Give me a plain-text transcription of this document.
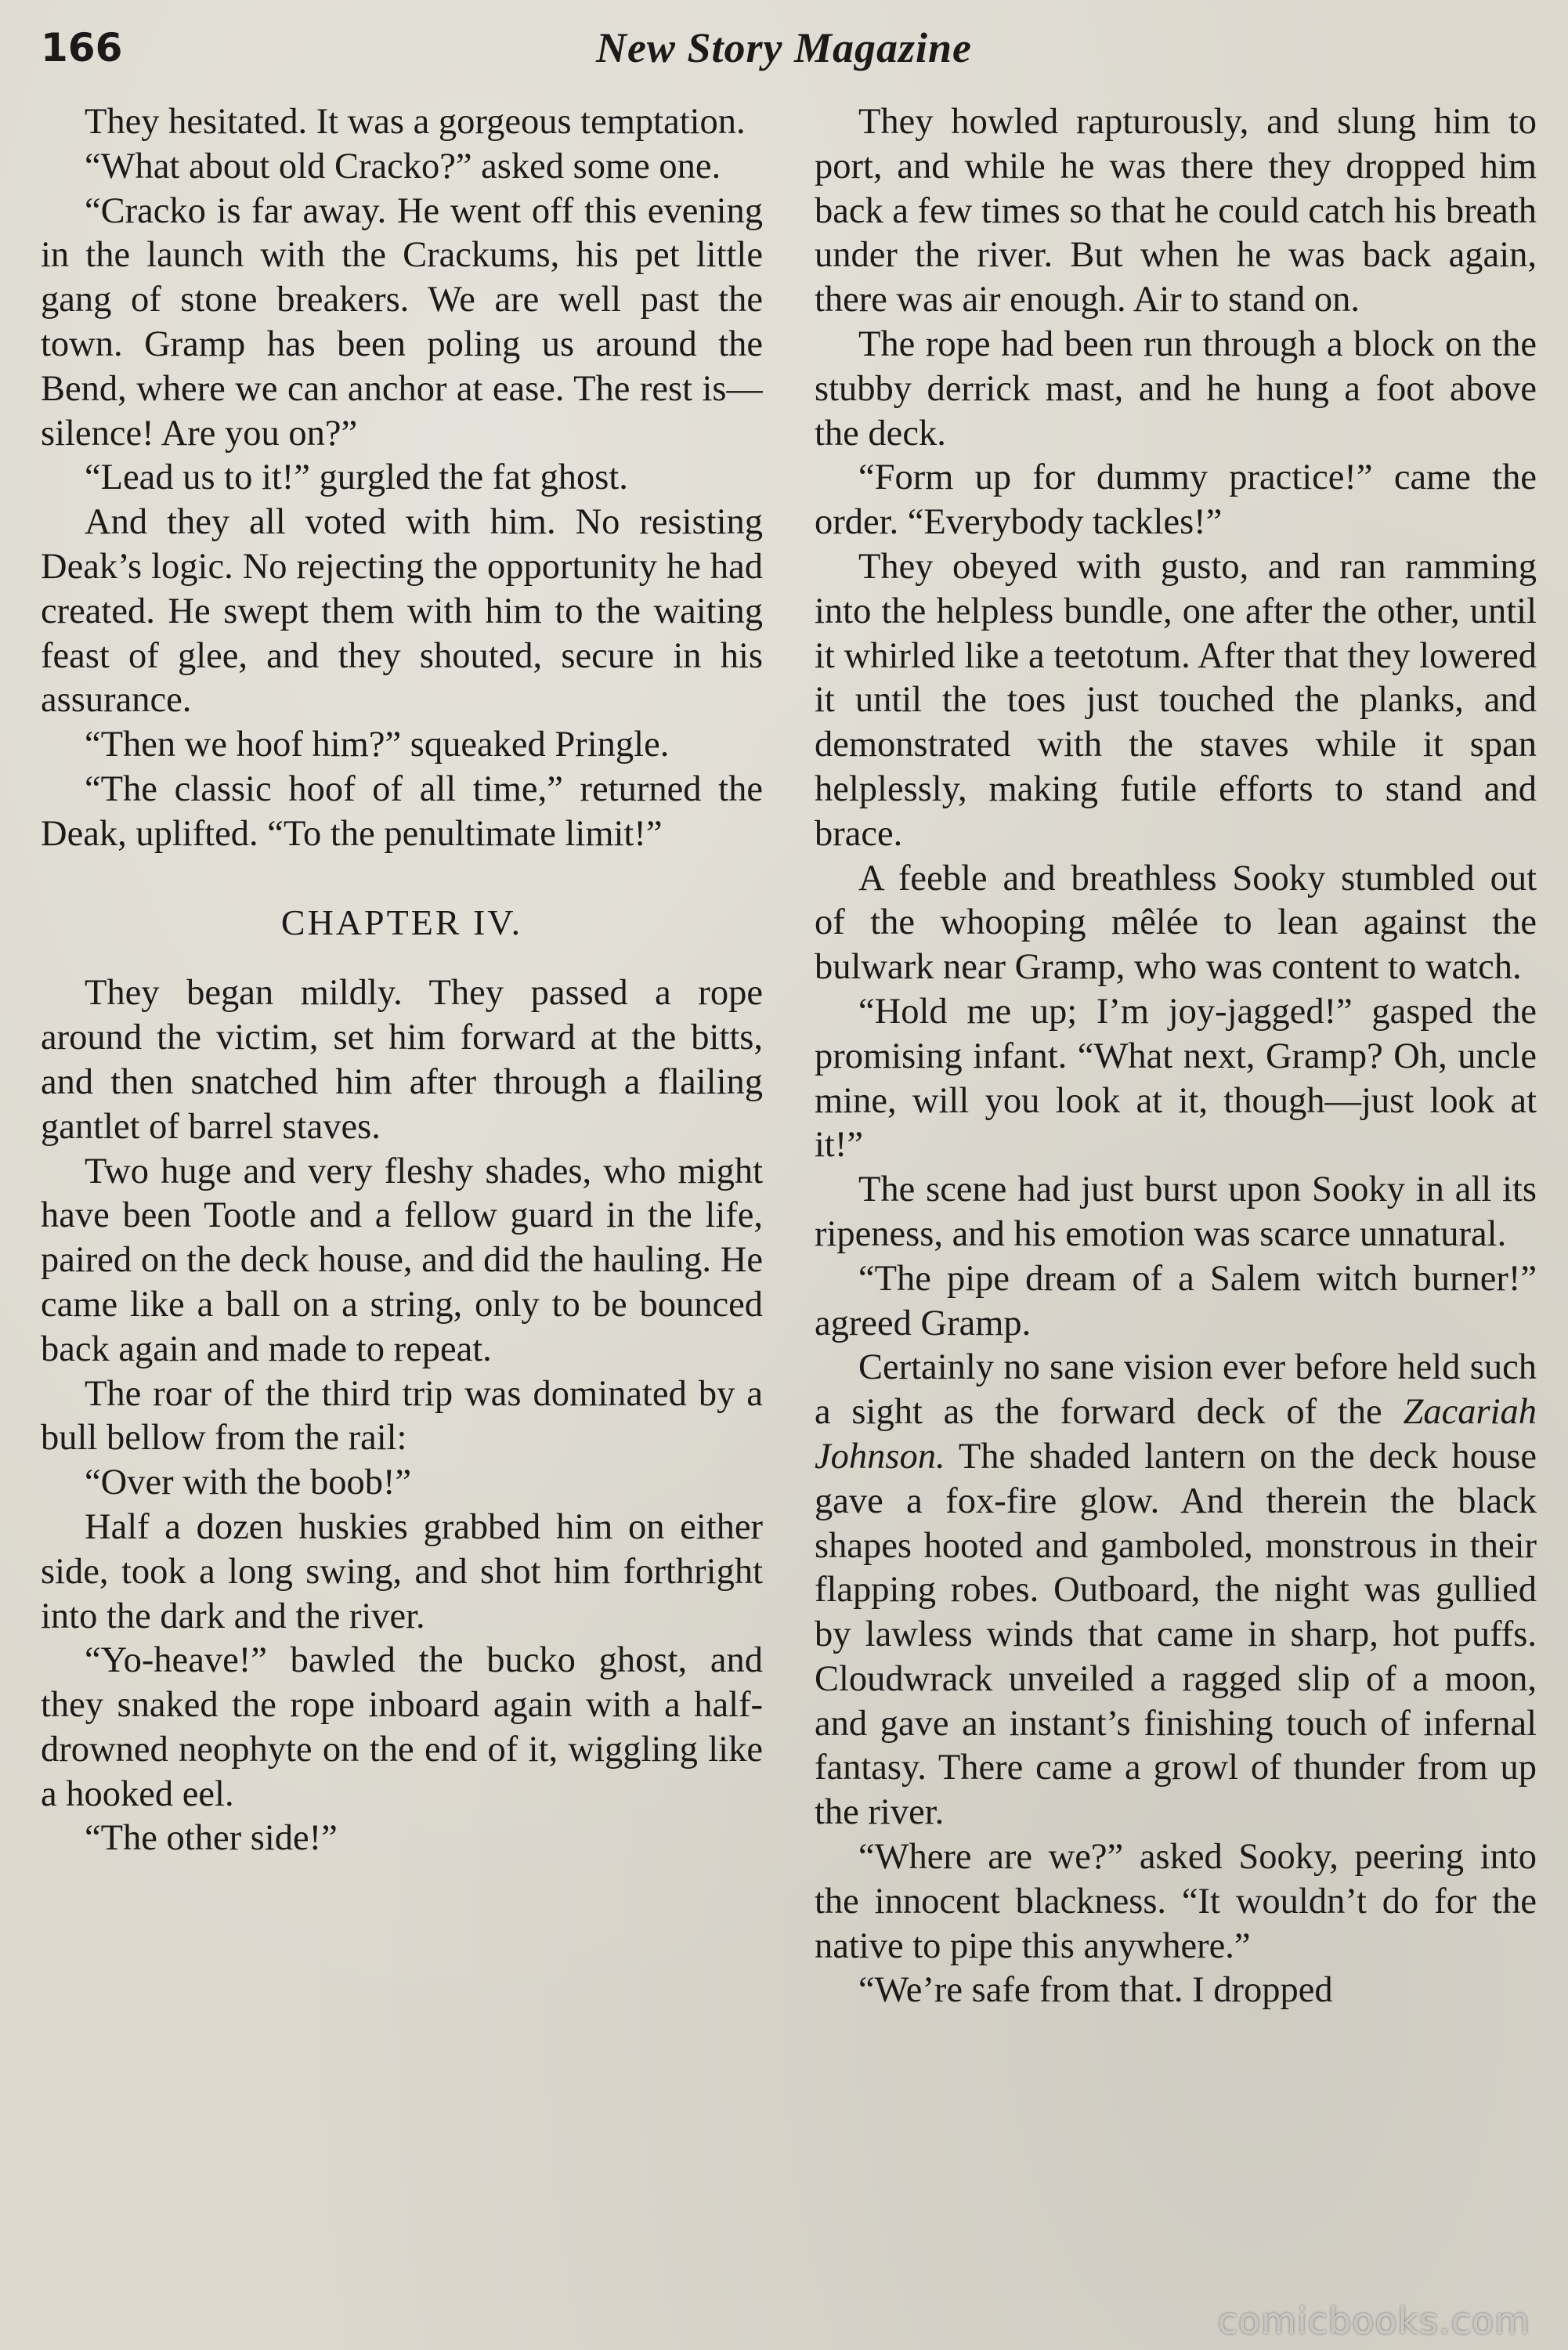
166	New Story Magazine

They hesitated. It was a gorgeous temptation.

“What about old Cracko?” asked some one.

“Cracko is far away. He went off this evening in the launch with the Crackums, his pet little gang of stone breakers. We are well past the town. Gramp has been poling us around the Bend, where we can anchor at ease. The rest is—silence! Are you on?”

“Lead us to it!” gurgled the fat ghost.

And they all voted with him. No resisting Deak’s logic. No rejecting the opportunity he had created. He swept them with him to the waiting feast of glee, and they shouted, secure in his assurance.

“Then we hoof him?” squeaked Pringle.

“The classic hoof of all time,” returned the Deak, uplifted. “To the penultimate limit!”

CHAPTER IV.

They began mildly. They passed a rope around the victim, set him forward at the bitts, and then snatched him after through a flailing gantlet of barrel staves.

Two huge and very fleshy shades, who might have been Tootle and a fellow guard in the life, paired on the deck house, and did the hauling. He came like a ball on a string, only to be bounced back again and made to repeat.

The roar of the third trip was dominated by a bull bellow from the rail:

“Over with the boob!”

Half a dozen huskies grabbed him on either side, took a long swing, and shot him forthright into the dark and the river.

“Yo-heave!” bawled the bucko ghost, and they snaked the rope inboard again with a half-drowned neophyte on the end of it, wiggling like a hooked eel.

“The other side!”

They howled rapturously, and slung him to port, and while he was there they dropped him back a few times so that he could catch his breath under the river. But when he was back again, there was air enough. Air to stand on.

The rope had been run through a block on the stubby derrick mast, and he hung a foot above the deck.

“Form up for dummy practice!” came the order. “Everybody tackles!”

They obeyed with gusto, and ran ramming into the helpless bundle, one after the other, until it whirled like a teetotum. After that they lowered it until the toes just touched the planks, and demonstrated with the staves while it span helplessly, making futile efforts to stand and brace.

A feeble and breathless Sooky stumbled out of the whooping mêlée to lean against the bulwark near Gramp, who was content to watch.

“Hold me up; I’m joy-jagged!” gasped the promising infant. “What next, Gramp? Oh, uncle mine, will you look at it, though—just look at it!”

The scene had just burst upon Sooky in all its ripeness, and his emotion was scarce unnatural.

“The pipe dream of a Salem witch burner!” agreed Gramp.

Certainly no sane vision ever before held such a sight as the forward deck of the Zacariah Johnson. The shaded lantern on the deck house gave a fox-fire glow. And therein the black shapes hooted and gamboled, monstrous in their flapping robes. Outboard, the night was gullied by lawless winds that came in sharp, hot puffs. Cloudwrack unveiled a ragged slip of a moon, and gave an instant’s finishing touch of infernal fantasy. There came a growl of thunder from up the river.

“Where are we?” asked Sooky, peering into the innocent blackness. “It wouldn’t do for the native to pipe this anywhere.”

“We’re safe from that. I dropped

comicbooks.com
